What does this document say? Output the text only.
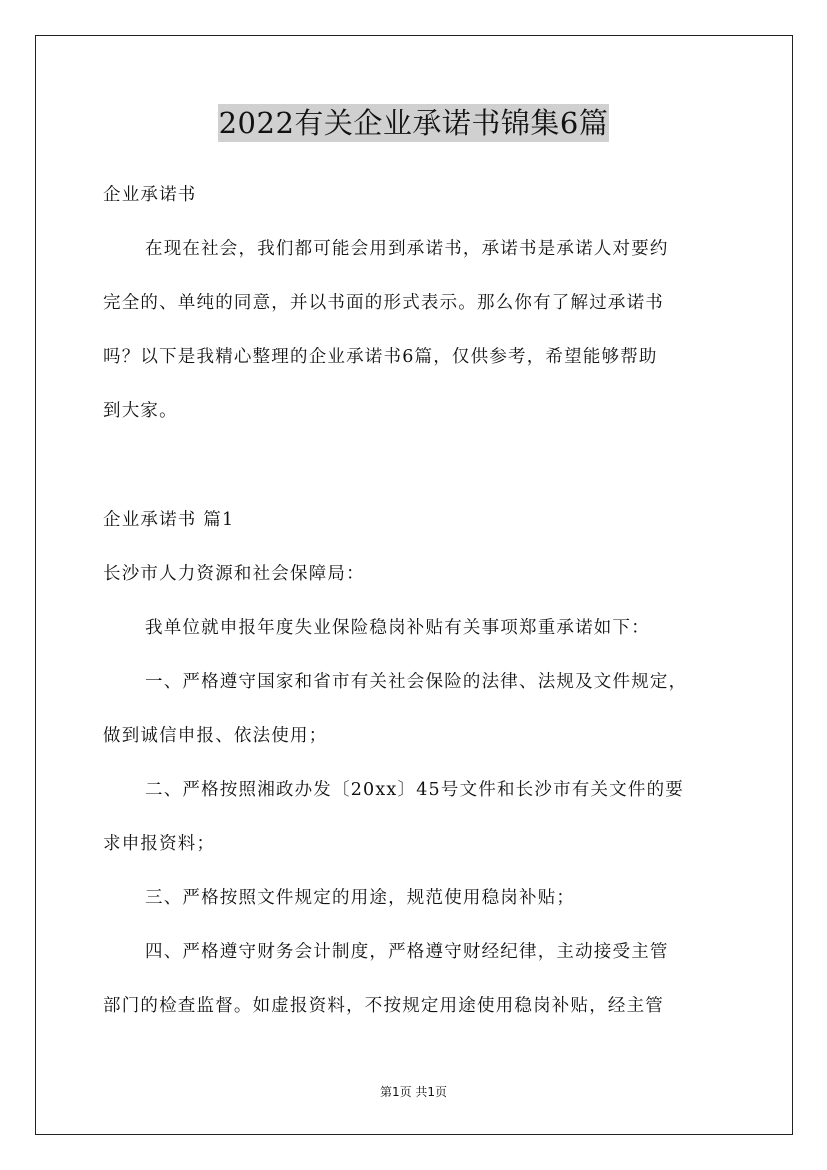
2022有关企业承诺书锦集6篇
企业承诺书
在现在社会，我们都可能会用到承诺书，承诺书是承诺人对要约
完全的、单纯的同意，并以书面的形式表示。那么你有了解过承诺书
吗？以下是我精心整理的企业承诺书6篇，仅供参考，希望能够帮助
到大家。
企业承诺书 篇1
长沙市人力资源和社会保障局：
我单位就申报年度失业保险稳岗补贴有关事项郑重承诺如下：
一、严格遵守国家和省市有关社会保险的法律、法规及文件规定，
做到诚信申报、依法使用；
二、严格按照湘政办发〔20xx〕45号文件和长沙市有关文件的要
求申报资料；
三、严格按照文件规定的用途，规范使用稳岗补贴；
四、严格遵守财务会计制度，严格遵守财经纪律，主动接受主管
部门的检查监督。如虚报资料，不按规定用途使用稳岗补贴，经主管
第1页 共1页
